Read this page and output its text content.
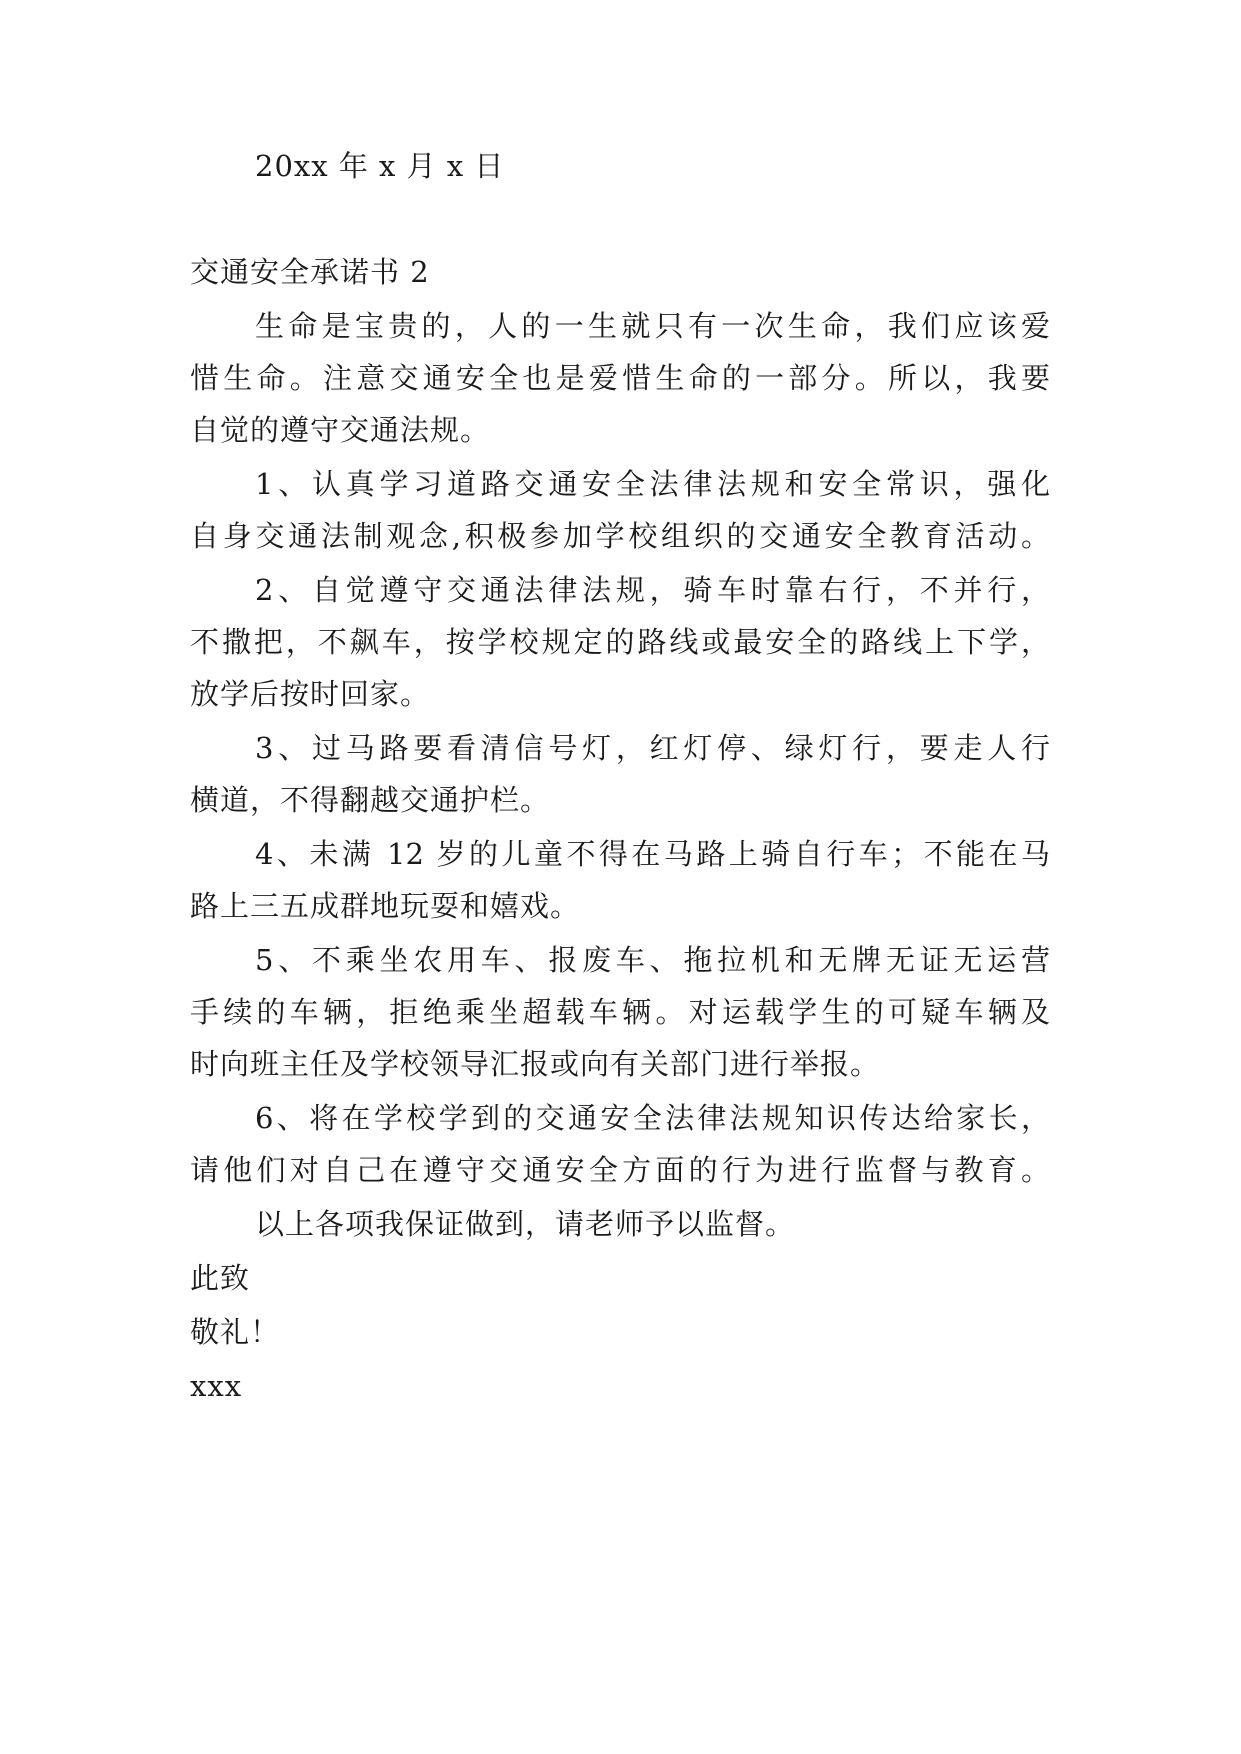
20xx 年 x 月 x 日
交通安全承诺书 2
生命是宝贵的，人的一生就只有一次生命，我们应该爱
惜生命。注意交通安全也是爱惜生命的一部分。所以，我要
自觉的遵守交通法规。
1、认真学习道路交通安全法律法规和安全常识，强化
自身交通法制观念,积极参加学校组织的交通安全教育活动。
2、自觉遵守交通法律法规，骑车时靠右行，不并行，
不撒把，不飙车，按学校规定的路线或最安全的路线上下学，
放学后按时回家。
3、过马路要看清信号灯，红灯停、绿灯行，要走人行
横道，不得翻越交通护栏。
4、未满 12 岁的儿童不得在马路上骑自行车；不能在马
路上三五成群地玩耍和嬉戏。
5、不乘坐农用车、报废车、拖拉机和无牌无证无运营
手续的车辆，拒绝乘坐超载车辆。对运载学生的可疑车辆及
时向班主任及学校领导汇报或向有关部门进行举报。
6、将在学校学到的交通安全法律法规知识传达给家长，
请他们对自己在遵守交通安全方面的行为进行监督与教育。
以上各项我保证做到，请老师予以监督。
此致
敬礼！
xxx
